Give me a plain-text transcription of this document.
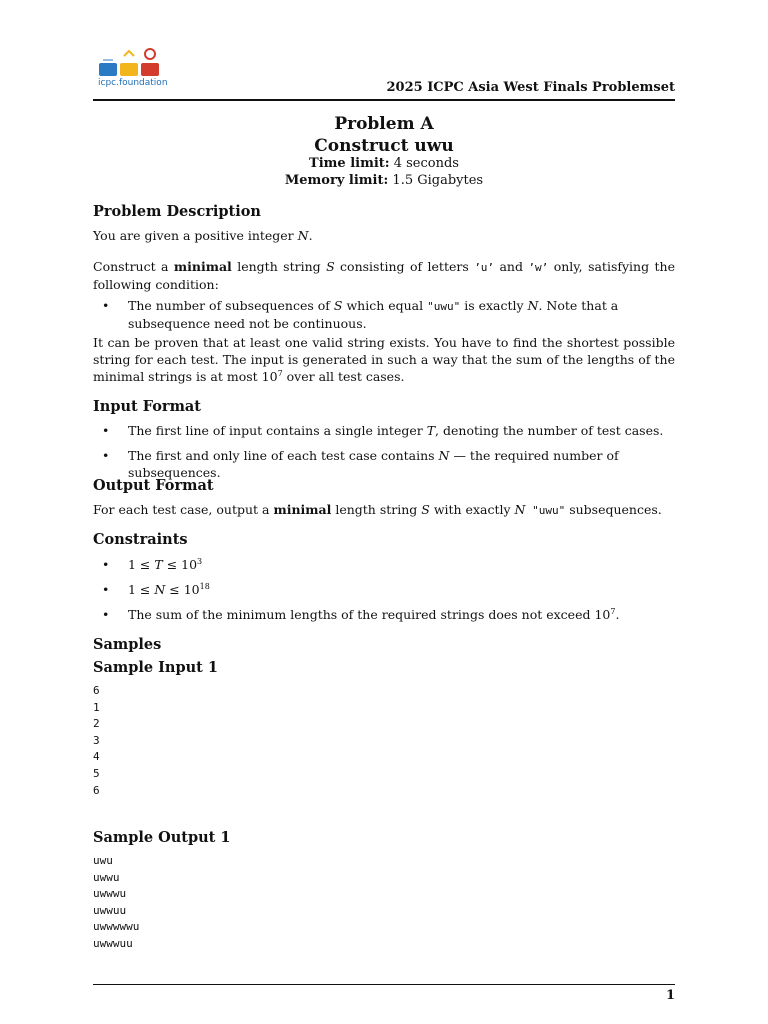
icpc.foundation	2025 ICPC Asia West Finals Problemset
Problem A
Construct uwu
Time limit: 4 seconds
Memory limit: 1.5 Gigabytes
Problem Description
You are given a positive integer N.
Construct a minimal length string S consisting of letters ’u’ and ’w’ only, satisfying the following condition:
•	The number of subsequences of S which equal "uwu" is exactly N. Note that a subsequence need not be continuous.
It can be proven that at least one valid string exists. You have to find the shortest possible string for each test. The input is generated in such a way that the sum of the lengths of the minimal strings is at most $10^7$ over all test cases.
Input Format
•	The first line of input contains a single integer T, denoting the number of test cases.
•	The first and only line of each test case contains N — the required number of subsequences.
Output Format
For each test case, output a minimal length string S with exactly N "uwu" subsequences.
Constraints
•	$1 \le T \le 10^3$
•	$1 \le N \le 10^{18}$
•	The sum of the minimum lengths of the required strings does not exceed $10^7$.
Samples
Sample Input 1
6
1
2
3
4
5
6
Sample Output 1
uwu
uwwu
uwwwu
uwwuu
uwwwwwu
uwwwuu
1
